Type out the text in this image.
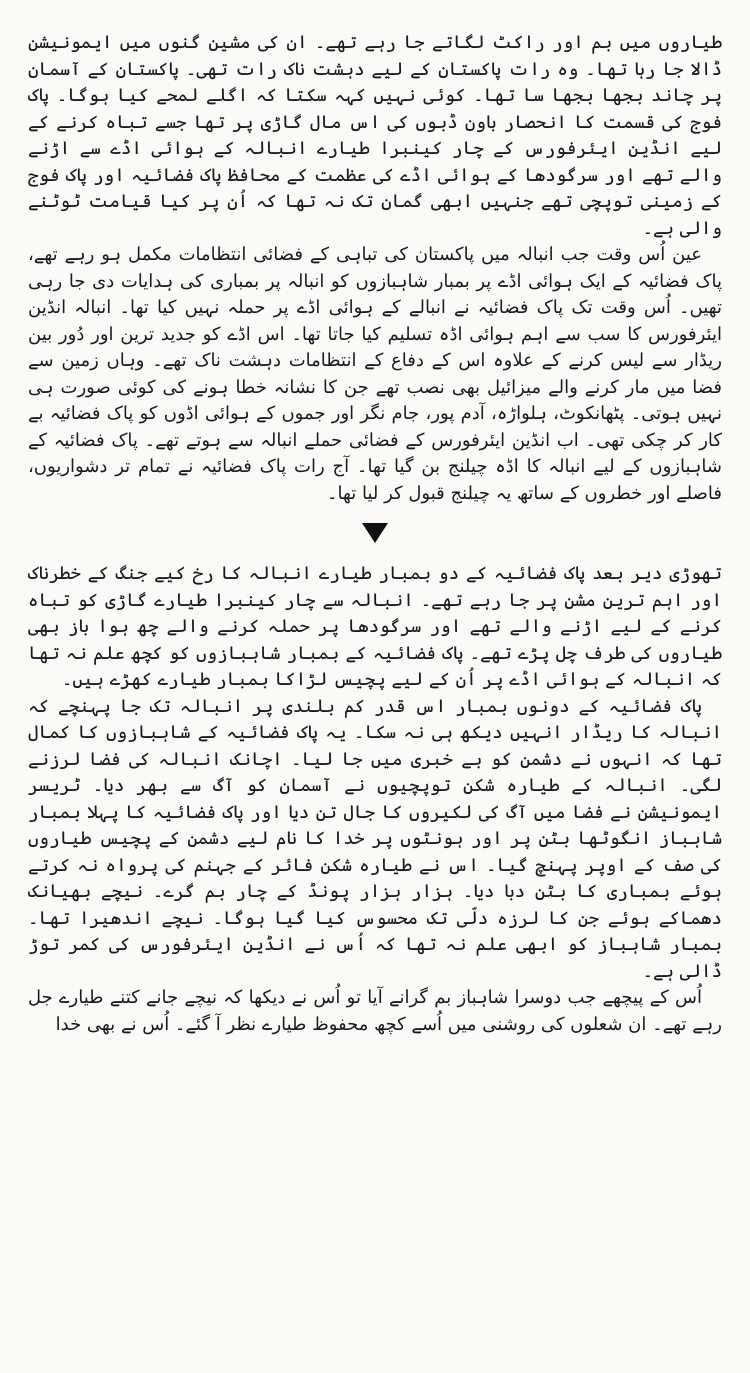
طیاروں میں بم اور راکٹ لگاتے جا رہے تھے۔ ان کی مشین گنوں میں ایمونیشن ڈالا جا رہا تھا۔ وہ رات پاکستان کے لیے دہشت ناک رات تھی۔ پاکستان کے آسمان پر چاند بجھا بجھا سا تھا۔ کوئی نہیں کہہ سکتا کہ اگلے لمحے کیا ہوگا۔ پاک فوج کی قسمت کا انحصار باون ڈبوں کی اس مال گاڑی پر تھا جسے تباہ کرنے کے لیے انڈین ایئرفورس کے چار کینبرا طیارے انبالہ کے ہوائی اڈے سے اڑنے والے تھے اور سرگودھا کے ہوائی اڈے کی عظمت کے محافظ پاک فضائیہ اور پاک فوج کے زمینی توپچی تھے جنہیں ابھی گمان تک نہ تھا کہ اُن پر کیا قیامت ٹوٹنے والی ہے۔

عین اُس وقت جب انبالہ میں پاکستان کی تباہی کے فضائی انتظامات مکمل ہو رہے تھے، پاک فضائیہ کے ایک ہوائی اڈے پر بمبار شاہبازوں کو انبالہ پر بمباری کی ہدایات دی جا رہی تھیں۔ اُس وقت تک پاک فضائیہ نے انبالے کے ہوائی اڈے پر حملہ نہیں کیا تھا۔ انبالہ انڈین ایئرفورس کا سب سے اہم ہوائی اڈہ تسلیم کیا جاتا تھا۔ اس اڈے کو جدید ترین اور دُور بین ریڈار سے لیس کرنے کے علاوہ اس کے دفاع کے انتظامات دہشت ناک تھے۔ وہاں زمین سے فضا میں مار کرنے والے میزائیل بھی نصب تھے جن کا نشانہ خطا ہونے کی کوئی صورت ہی نہیں ہوتی۔ پٹھانکوٹ، ہلواڑہ، آدم پور، جام نگر اور جموں کے ہوائی اڈوں کو پاک فضائیہ بے کار کر چکی تھی۔ اب انڈین ایئرفورس کے فضائی حملے انبالہ سے ہوتے تھے۔ پاک فضائیہ کے شاہبازوں کے لیے انبالہ کا اڈہ چیلنج بن گیا تھا۔ آج رات پاک فضائیہ نے تمام تر دشواریوں، فاصلے اور خطروں کے ساتھ یہ چیلنج قبول کر لیا تھا۔

تھوڑی دیر بعد پاک فضائیہ کے دو بمبار طیارے انبالہ کا رخ کیے جنگ کے خطرناک اور اہم ترین مشن پر جا رہے تھے۔ انبالہ سے چار کینبرا طیارے گاڑی کو تباہ کرنے کے لیے اڑنے والے تھے اور سرگودھا پر حملہ کرنے والے چھ ہوا باز بھی طیاروں کی طرف چل پڑے تھے۔ پاک فضائیہ کے بمبار شاہبازوں کو کچھ علم نہ تھا کہ انبالہ کے ہوائی اڈے پر اُن کے لیے پچیس لڑاکا بمبار طیارے کھڑے ہیں۔

پاک فضائیہ کے دونوں بمبار اس قدر کم بلندی پر انبالہ تک جا پہنچے کہ انبالہ کا ریڈار انہیں دیکھ ہی نہ سکا۔ یہ پاک فضائیہ کے شاہبازوں کا کمال تھا کہ انہوں نے دشمن کو بے خبری میں جا لیا۔ اچانک انبالہ کی فضا لرزنے لگی۔ انبالہ کے طیارہ شکن توپچیوں نے آسمان کو آگ سے بھر دیا۔ ٹریسر ایمونیشن نے فضا میں آگ کی لکیروں کا جال تن دیا اور پاک فضائیہ کا پہلا بمبار شاہباز انگوٹھا بٹن پر اور ہونٹوں پر خدا کا نام لیے دشمن کے پچیس طیاروں کی صف کے اوپر پہنچ گیا۔ اس نے طیارہ شکن فائر کے جہنم کی پرواہ نہ کرتے ہوئے بمباری کا بٹن دبا دیا۔ ہزار ہزار پونڈ کے چار بم گرے۔ نیچے بھیانک دھماکے ہوئے جن کا لرزہ دلّی تک محسوس کیا گیا ہوگا۔ نیچے اندھیرا تھا۔ بمبار شاہباز کو ابھی علم نہ تھا کہ اُس نے انڈین ایئرفورس کی کمر توڑ ڈالی ہے۔

اُس کے پیچھے جب دوسرا شاہباز بم گرانے آیا تو اُس نے دیکھا کہ نیچے جانے کتنے طیارے جل رہے تھے۔ ان شعلوں کی روشنی میں اُسے کچھ محفوظ طیارے نظر آ گئے۔ اُس نے بھی خدا
